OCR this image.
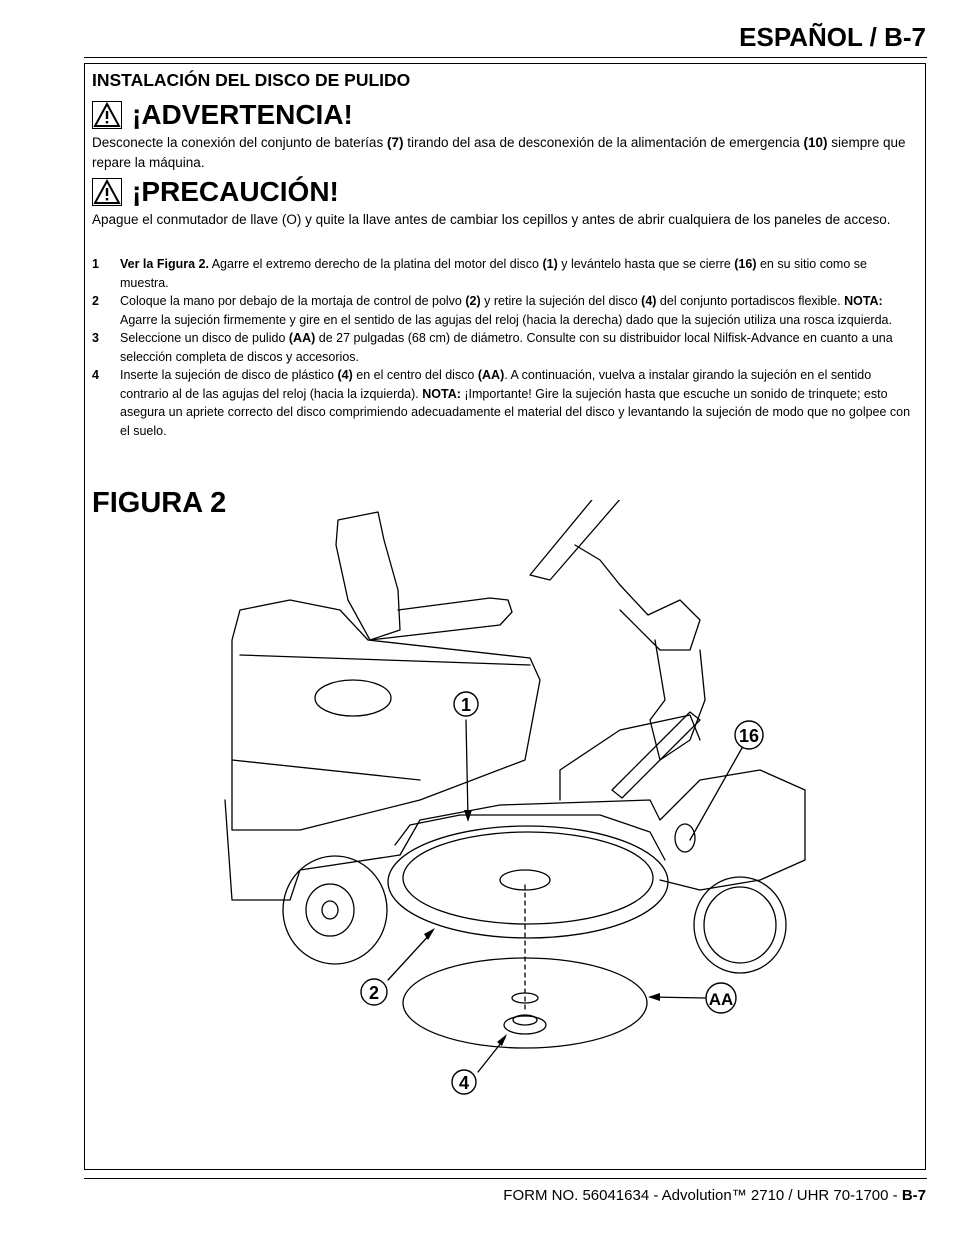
ESPAÑOL / B-7
INSTALACIÓN DEL DISCO DE PULIDO
¡ADVERTENCIA!
Desconecte la conexión del conjunto de baterías (7) tirando del asa de desconexión de la alimentación de emergencia (10) siempre que repare la máquina.
¡PRECAUCIÓN!
Apague el conmutador de llave (O) y quite la llave antes de cambiar los cepillos y antes de abrir cualquiera de los paneles de acceso.
1	Ver la Figura 2. Agarre el extremo derecho de la platina del motor del disco (1) y levántelo hasta que se cierre (16) en su sitio como se muestra.
2	Coloque la mano por debajo de la mortaja de control de polvo (2) y retire la sujeción del disco (4) del conjunto portadiscos flexible. NOTA: Agarre la sujeción firmemente y gire en el sentido de las agujas del reloj (hacia la derecha) dado que la sujeción utiliza una rosca izquierda.
3	Seleccione un disco de pulido (AA) de 27 pulgadas (68 cm) de diámetro. Consulte con su distribuidor local Nilfisk-Advance en cuanto a una selección completa de discos y accesorios.
4	Inserte la sujeción de disco de plástico (4) en el centro del disco (AA). A continuación, vuelva a instalar girando la sujeción en el sentido contrario al de las agujas del reloj (hacia la izquierda). NOTA: ¡Importante! Gire la sujeción hasta que escuche un sonido de trinquete; esto asegura un apriete correcto del disco comprimiendo adecuadamente el material del disco y levantando la sujeción de modo que no golpee con el suelo.
FIGURA 2
1
16
2	AA
4
FORM NO. 56041634 - Advolution™ 2710 / UHR 70-1700 - B-7
